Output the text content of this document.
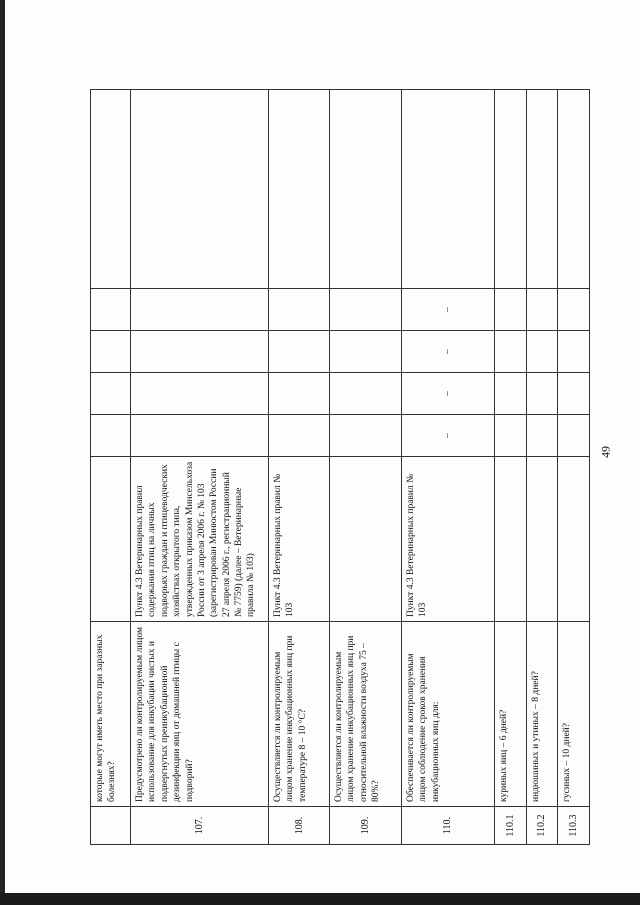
49
	которые могут иметь место при заразных болезнях?						
107.	Предусмотрено ли контролируемым лицом использование для инкубации чистых и подвергнутых преинкубационной дезинфекции яиц от домашней птицы с подворий?	Пункт 4.3 Ветеринарных правил содержания птиц на личных подворьях граждан и птицеводческих хозяйствах открытого типа, утвержденных приказом Минсельхоза России от 3 апреля 2006 г. № 103 (зарегистрирован Минюстом России 27 апреля 2006 г., регистрационный № 7759) (далее – Ветеринарные правила № 103)					
108.	Осуществляется ли контролируемым лицом хранение инкубационных яиц при температуре 8 – 10 °С?	Пункт 4.3 Ветеринарных правил № 103					
109.	Осуществляется ли контролируемым лицом хранение инкубационных яиц при относительной влажности воздуха 75 – 80%?						
110.	Обеспечивается ли контролируемым лицом соблюдение сроков хранения инкубационных яиц для:	Пункт 4.3 Ветеринарных правил № 103	–	–	–	–	
110.1	куриных яиц – 6 дней?						
110.2	индюшиных и утиных – 8 дней?						
110.3	гусиных – 10 дней?						
